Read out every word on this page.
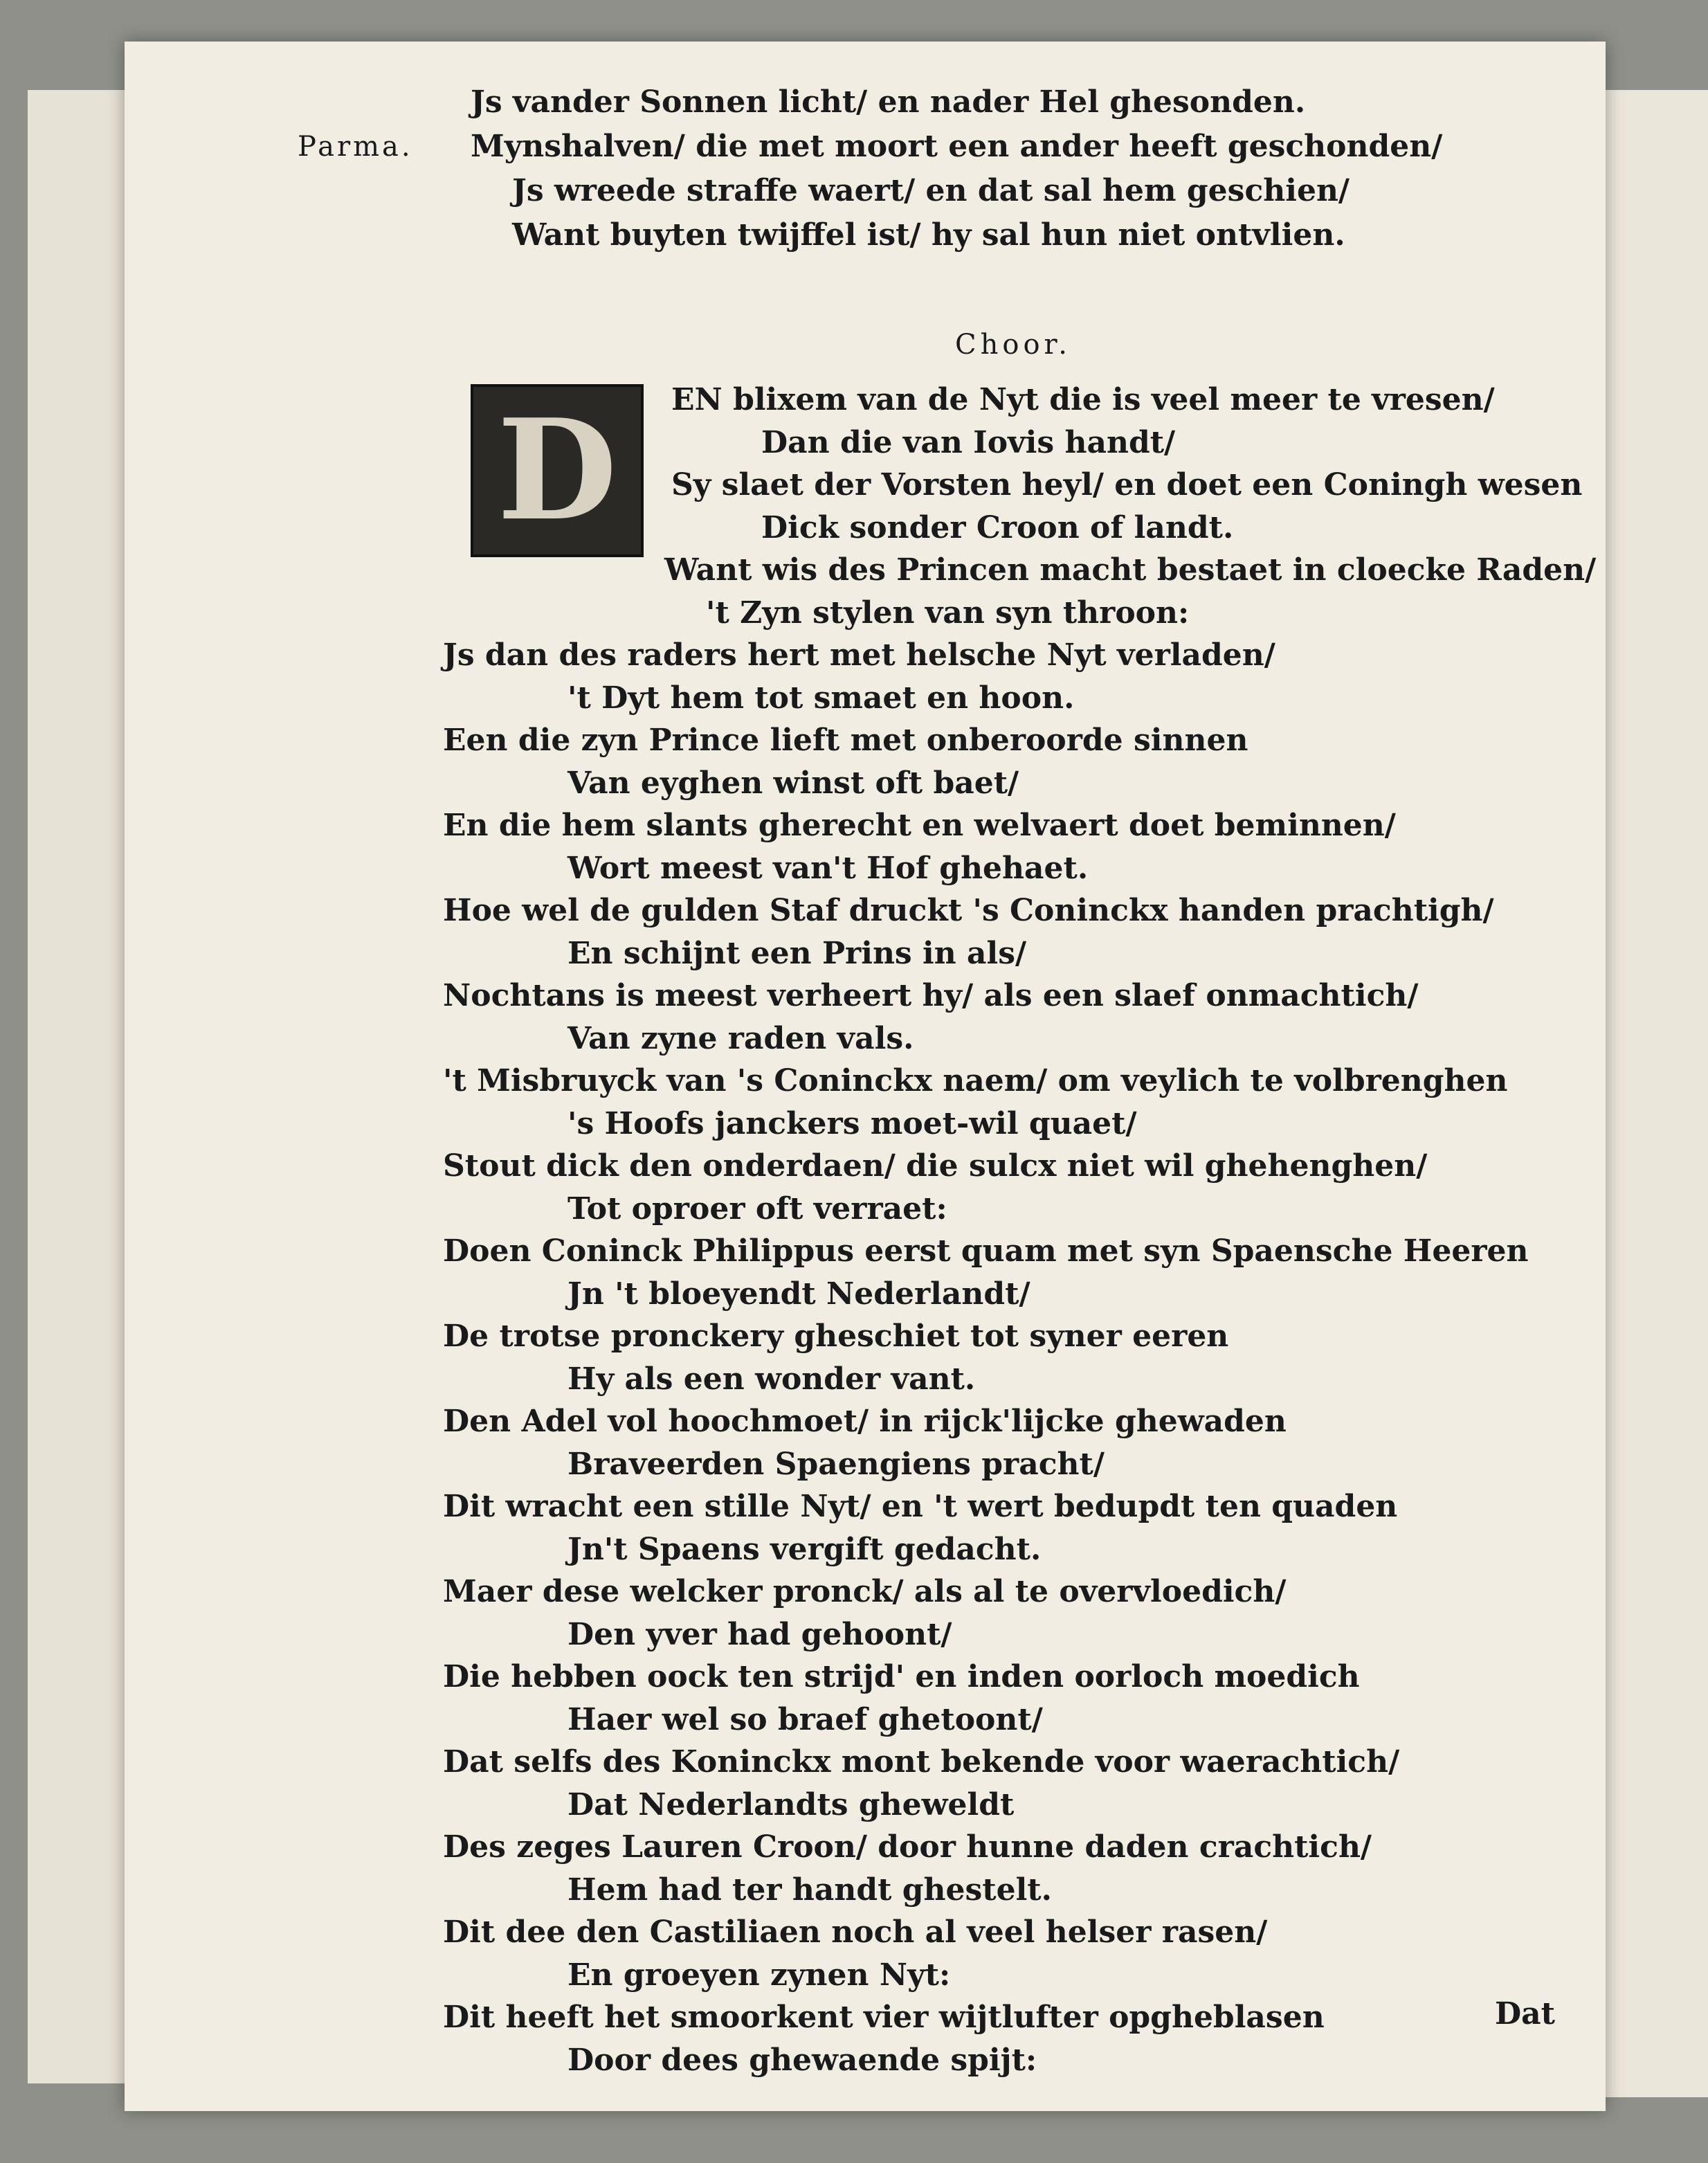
Js vander Sonnen licht/ en nader Hel ghesonden.
Parma. Mynshalven/ die met moort een ander heeft geschonden/
Js wreede straffe waert/ en dat sal hem geschien/
Want buyten twijffel ist/ hy sal hun niet ontvlien.
Choor.
D EN blixem van de Nyt die is veel meer te vresen/
Dan die van Iovis handt/
Sy slaet der Vorsten heyl/ en doet een Coningh wesen
Dick sonder Croon of landt.
Want wis des Princen macht bestaet in cloecke Raden/
't Zyn stylen van syn throon:
Js dan des raders hert met helsche Nyt verladen/
't Dyt hem tot smaet en hoon.
Een die zyn Prince lieft met onberoorde sinnen
Van eyghen winst oft baet/
En die hem slants gherecht en welvaert doet beminnen/
Wort meest van't Hof ghehaet.
Hoe wel de gulden Staf druckt 's Coninckx handen prachtigh/
En schijnt een Prins in als/
Nochtans is meest verheert hy/ als een slaef onmachtich/
Van zyne raden vals.
't Misbruyck van 's Coninckx naem/ om veylich te volbrenghen
's Hoofs janckers moet-wil quaet/
Stout dick den onderdaen/ die sulcx niet wil ghehenghen/
Tot oproer oft verraet:
Doen Coninck Philippus eerst quam met syn Spaensche Heeren
Jn 't bloeyendt Nederlandt/
De trotse pronckery gheschiet tot syner eeren
Hy als een wonder vant.
Den Adel vol hoochmoet/ in rijck'lijcke ghewaden
Braveerden Spaengiens pracht/
Dit wracht een stille Nyt/ en 't wert bedupdt ten quaden
Jn't Spaens vergift gedacht.
Maer dese welcker pronck/ als al te overvloedich/
Den yver had gehoont/
Die hebben oock ten strijd' en inden oorloch moedich
Haer wel so braef ghetoont/
Dat selfs des Koninckx mont bekende voor waerachtich/
Dat Nederlandts gheweldt
Des zeges Lauren Croon/ door hunne daden crachtich/
Hem had ter handt ghestelt.
Dit dee den Castiliaen noch al veel helser rasen/
En groeyen zynen Nyt:
Dit heeft het smoorkent vier wijtlufter opgheblasen
Door dees ghewaende spijt:
Dat
